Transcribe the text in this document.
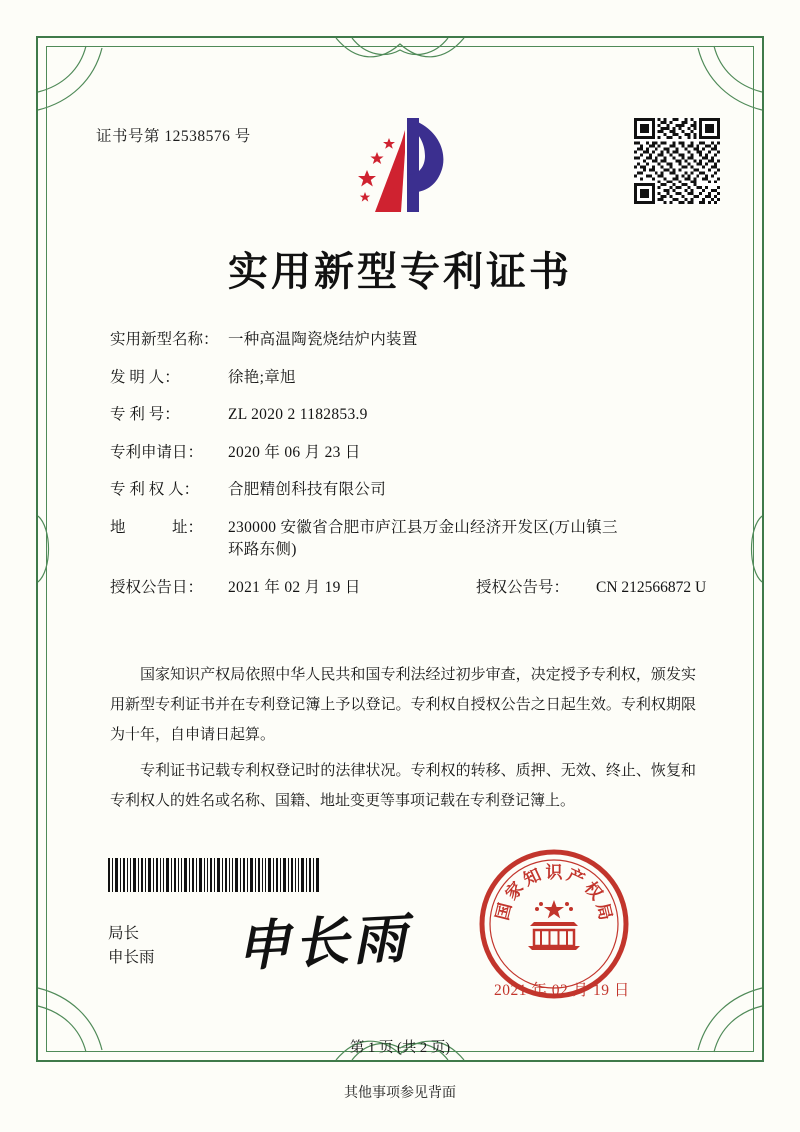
证书号第 12538576 号
实用新型专利证书
实用新型名称： 一种高温陶瓷烧结炉内装置
发 明 人：	徐艳;章旭
专 利 号：	ZL 2020 2 1182853.9
专利申请日：	2020 年 06 月 23 日
专 利 权 人：	合肥精创科技有限公司
地　　　址：	230000 安徽省合肥市庐江县万金山经济开发区(万山镇三
环路东侧)
授权公告日：	2021 年 02 月 19 日	授权公告号：	CN 212566872 U

国家知识产权局依照中华人民共和国专利法经过初步审查，决定授予专利权，颁发实用新型专利证书并在专利登记簿上予以登记。专利权自授权公告之日起生效。专利权期限为十年，自申请日起算。

专利证书记载专利权登记时的法律状况。专利权的转移、质押、无效、终止、恢复和专利权人的姓名或名称、国籍、地址变更等事项记载在专利登记簿上。

局长
申长雨 申长雨	国
家
知 识 产
权
局
2021 年 02 月 19 日
第 1 页 (共 2 页)
其他事项参见背面
